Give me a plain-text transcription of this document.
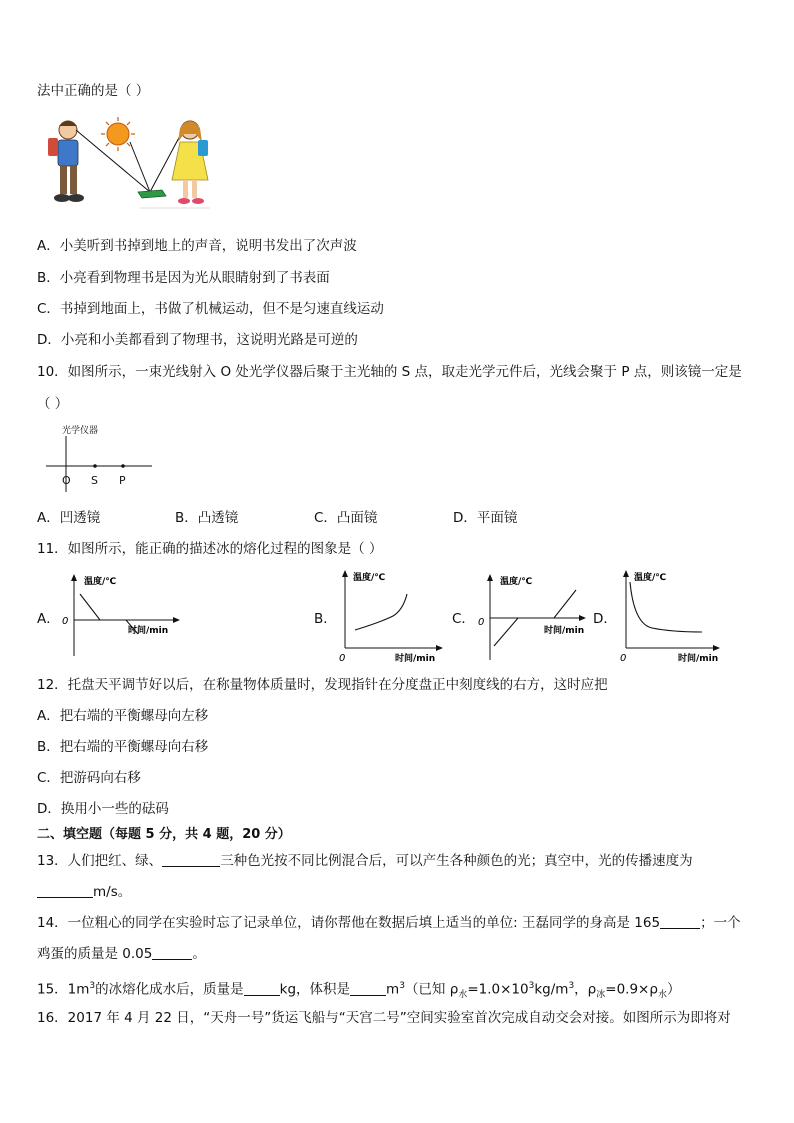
法中正确的是（ ）
A．小美听到书掉到地上的声音，说明书发出了次声波
B．小亮看到物理书是因为光从眼睛射到了书表面
C．书掉到地面上，书做了机械运动，但不是匀速直线运动
D．小亮和小美都看到了物理书，这说明光路是可逆的
10．如图所示，一束光线射入 O 处光学仪器后聚于主光轴的 S 点，取走光学元件后，光线会聚于 P 点，则该镜一定是
（ ）
光学仪器
O S P
A．凹透镜	B．凸透镜	C．凸面镜	D．平面镜
11．如图所示，能正确的描述冰的熔化过程的图象是（ ）
A．
温度/℃
时间/min
0	B．
温度/℃
时间/min
0
C．
温度/℃
时间/min
0	D．
温度/℃
时间/min
0
12．托盘天平调节好以后，在称量物体质量时，发现指针在分度盘正中刻度线的右方，这时应把
A．把右端的平衡螺母向左移
B．把右端的平衡螺母向右移
C．把游码向右移
D．换用小一些的砝码
二、填空题（每题 5 分，共 4 题，20 分）
13．人们把红、绿、	三种色光按不同比例混合后，可以产生各种颜色的光；真空中，光的传播速度为
m/s。
14．一位粗心的同学在实验时忘了记录单位，请你帮他在数据后填上适当的单位: 王磊同学的身高是 165	；一个
鸡蛋的质量是 0.05	。
15．$1m^3$的冰熔化成水后，质量是	kg，体积是	$m^3$（已知 $\rho_水=1.0\times 10^3kg/m^3$，$\rho_冰=0.9\times\rho_水$）
16．2017 年 4 月 22 日，“天舟一号”货运飞船与“天宫二号”空间实验室首次完成自动交会对接。如图所示为即将对
